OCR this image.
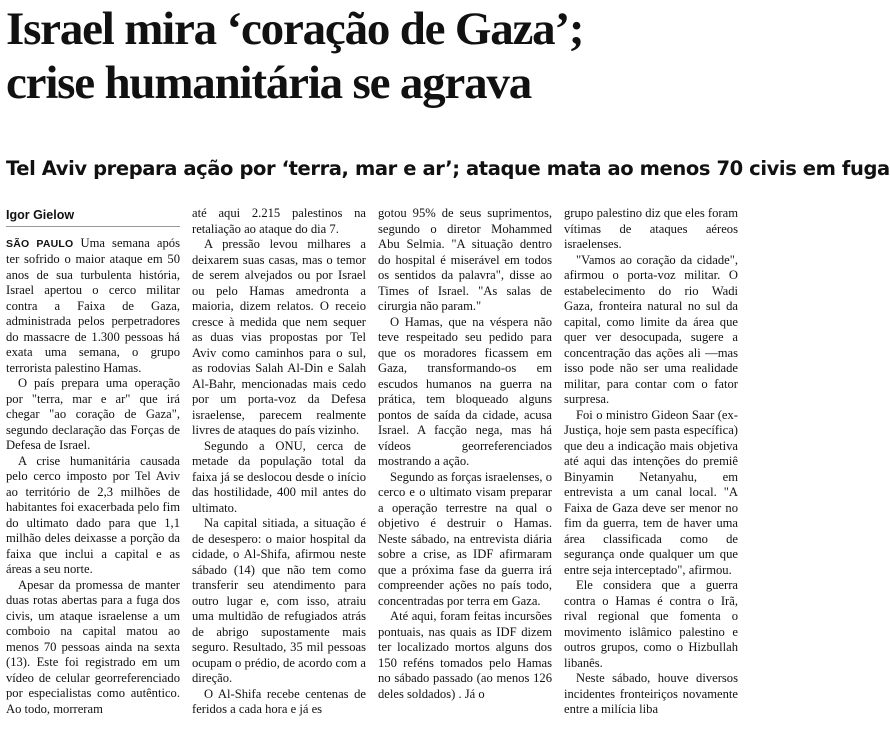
Israel mira ‘coração de Gaza’;
crise humanitária se agrava
Tel Aviv prepara ação por ‘terra, mar e ar’; ataque mata ao menos 70 civis em fuga
Igor Gielow

SÃO PAULO Uma semana após ter sofrido o maior ataque em 50 anos de sua turbulenta história, Israel apertou o cerco militar contra a Faixa de Gaza, administrada pelos perpetradores do massacre de 1.300 pessoas há exata uma semana, o grupo terrorista palestino Hamas.

O país prepara uma operação por "terra, mar e ar" que irá chegar "ao coração de Gaza", segundo declaração das Forças de Defesa de Israel.

A crise humanitária causada pelo cerco imposto por Tel Aviv ao território de 2,3 milhões de habitantes foi exacerbada pelo fim do ultimato dado para que 1,1 milhão deles deixasse a porção da faixa que inclui a capital e as áreas a seu norte.

Apesar da promessa de manter duas rotas abertas para a fuga dos civis, um ataque israelense a um comboio na capital matou ao menos 70 pessoas ainda na sexta (13). Este foi registrado em um vídeo de celular georreferenciado por especialistas como autêntico. Ao todo, morreram

até aqui 2.215 palestinos na retaliação ao ataque do dia 7.

A pressão levou milhares a deixarem suas casas, mas o temor de serem alvejados ou por Israel ou pelo Hamas amedronta a maioria, dizem relatos. O receio cresce à medida que nem sequer as duas vias propostas por Tel Aviv como caminhos para o sul, as rodovias Salah Al-Din e Salah Al-Bahr, mencionadas mais cedo por um porta-voz da Defesa israelense, parecem realmente livres de ataques do país vizinho.

Segundo a ONU, cerca de metade da população total da faixa já se deslocou desde o início das hostilidade, 400 mil antes do ultimato.

Na capital sitiada, a situação é de desespero: o maior hospital da cidade, o Al-Shifa, afirmou neste sábado (14) que não tem como transferir seu atendimento para outro lugar e, com isso, atraiu uma multidão de refugiados atrás de abrigo supostamente mais seguro. Resultado, 35 mil pessoas ocupam o prédio, de acordo com a direção.

O Al-Shifa recebe centenas de feridos a cada hora e já es

gotou 95% de seus suprimentos, segundo o diretor Mohammed Abu Selmia. "A situação dentro do hospital é miserável em todos os sentidos da palavra", disse ao Times of Israel. "As salas de cirurgia não param."

O Hamas, que na véspera não teve respeitado seu pedido para que os moradores ficassem em Gaza, transformando-os em escudos humanos na guerra na prática, tem bloqueado alguns pontos de saída da cidade, acusa Israel. A facção nega, mas há vídeos georreferenciados mostrando a ação.

Segundo as forças israelenses, o cerco e o ultimato visam preparar a operação terrestre na qual o objetivo é destruir o Hamas. Neste sábado, na entrevista diária sobre a crise, as IDF afirmaram que a próxima fase da guerra irá compreender ações no país todo, concentradas por terra em Gaza.

Até aqui, foram feitas incursões pontuais, nas quais as IDF dizem ter localizado mortos alguns dos 150 reféns tomados pelo Hamas no sábado passado (ao menos 126 deles soldados) . Já o

grupo palestino diz que eles foram vítimas de ataques aéreos israelenses.

"Vamos ao coração da cidade", afirmou o porta-voz militar. O estabelecimento do rio Wadi Gaza, fronteira natural no sul da capital, como limite da área que quer ver desocupada, sugere a concentração das ações ali —mas isso pode não ser uma realidade militar, para contar com o fator surpresa.

Foi o ministro Gideon Saar (ex-Justiça, hoje sem pasta específica) que deu a indicação mais objetiva até aqui das intenções do premiê Binyamin Netanyahu, em entrevista a um canal local. "A Faixa de Gaza deve ser menor no fim da guerra, tem de haver uma área classificada como de segurança onde qualquer um que entre seja interceptado", afirmou.

Ele considera que a guerra contra o Hamas é contra o Irã, rival regional que fomenta o movimento islâmico palestino e outros grupos, como o Hizbullah libanês.

Neste sábado, houve diversos incidentes fronteiriços novamente entre a milícia liba
